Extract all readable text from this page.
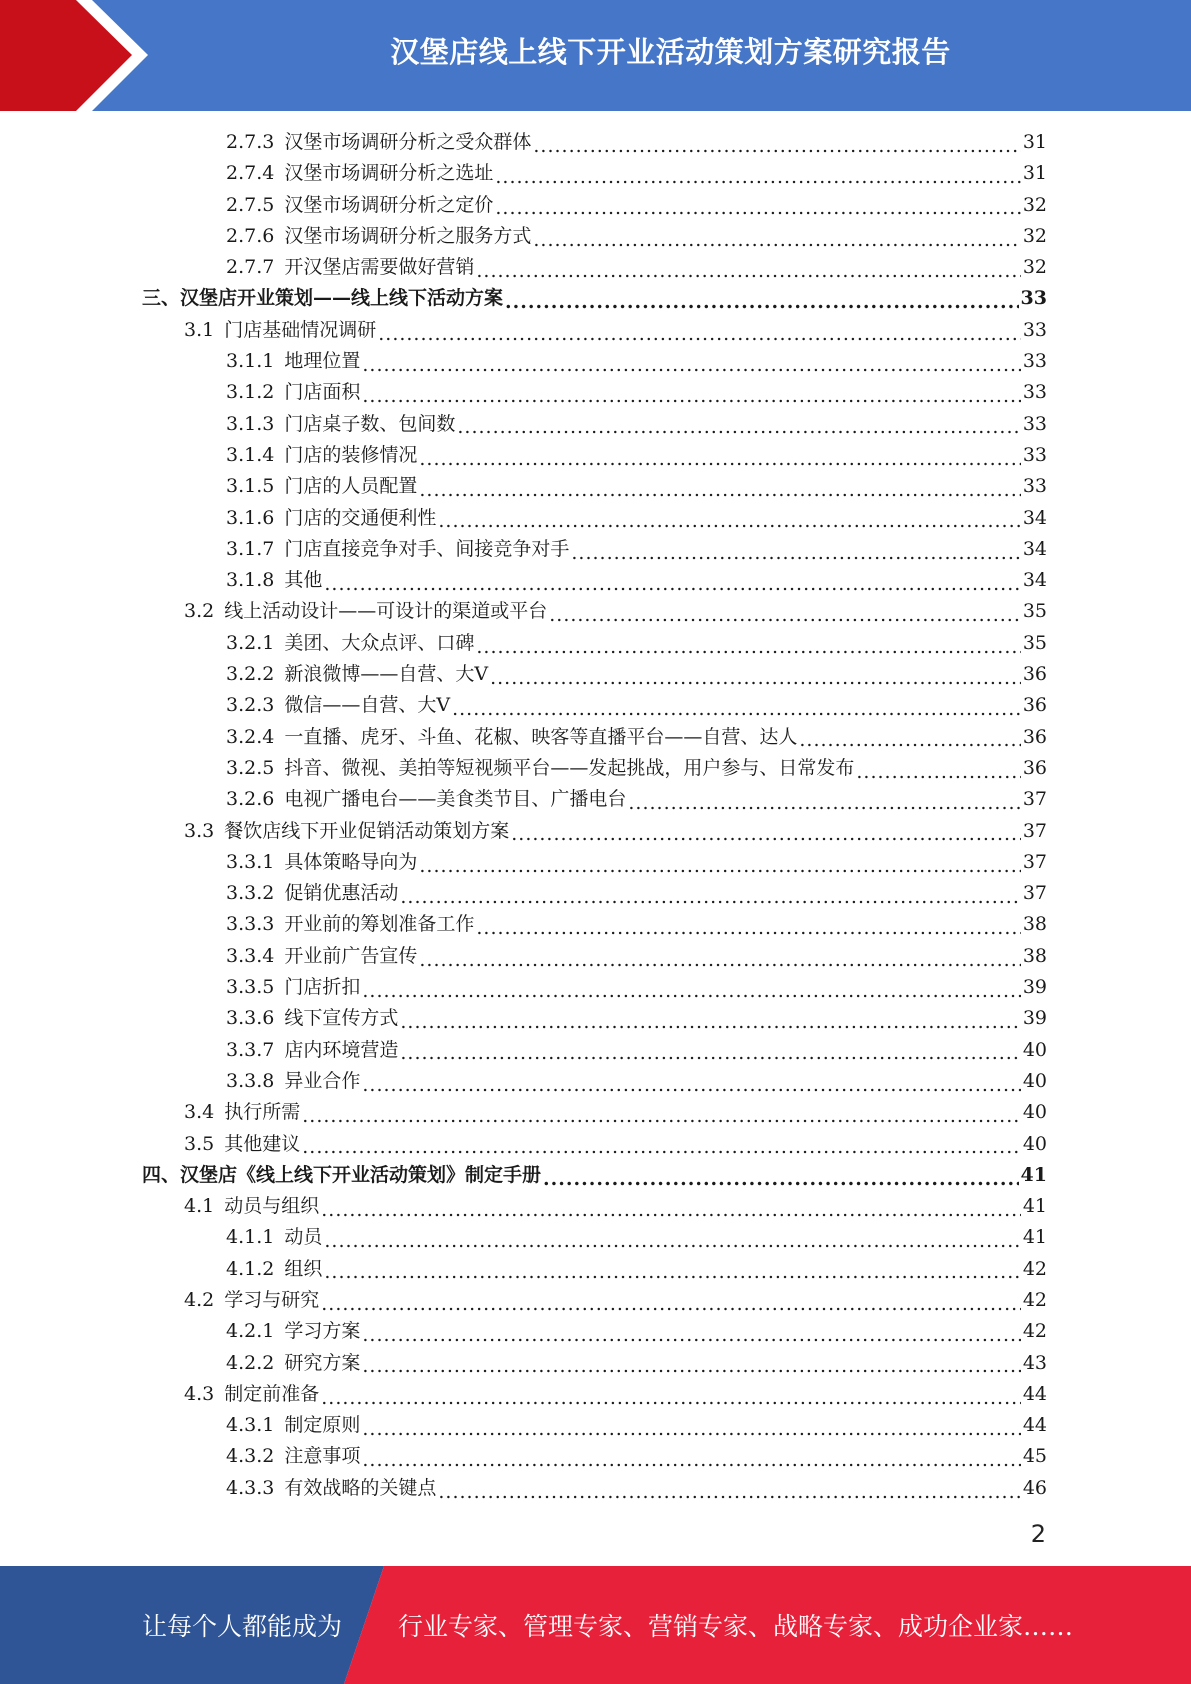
汉堡店线上线下开业活动策划方案研究报告
2.7.3 汉堡市场调研分析之受众群体 .....	31
2.7.4 汉堡市场调研分析之选址 .....	31
2.7.5 汉堡市场调研分析之定价 .....	32
2.7.6 汉堡市场调研分析之服务方式 .....	32
2.7.7 开汉堡店需要做好营销 .....	32
三、 汉堡店开业策划——线上线下活动方案 .....	33
3.1 门店基础情况调研 .....	33
3.1.1 地理位置 .....	33
3.1.2 门店面积 .....	33
3.1.3 门店桌子数、包间数 .....	33
3.1.4 门店的装修情况 .....	33
3.1.5 门店的人员配置 .....	33
3.1.6 门店的交通便利性 .....	34
3.1.7 门店直接竞争对手、间接竞争对手 .....	34
3.1.8 其他 .....	34
3.2 线上活动设计——可设计的渠道或平台 .....	35
3.2.1 美团、大众点评、口碑 .....	35
3.2.2 新浪微博——自营、大V .....	36
3.2.3 微信——自营、大V .....	36
3.2.4 一直播、虎牙、斗鱼、花椒、映客等直播平台——自营、达人 .....	36
3.2.5 抖音、微视、美拍等短视频平台——发起挑战，用户参与、日常发布 .....	36
3.2.6 电视广播电台——美食类节目、广播电台 .....	37
3.3 餐饮店线下开业促销活动策划方案 .....	37
3.3.1 具体策略导向为 .....	37
3.3.2 促销优惠活动 .....	37
3.3.3 开业前的筹划准备工作 .....	38
3.3.4 开业前广告宣传 .....	38
3.3.5 门店折扣 .....	39
3.3.6 线下宣传方式 .....	39
3.3.7 店内环境营造 .....	40
3.3.8 异业合作 .....	40
3.4 执行所需 .....	40
3.5 其他建议 .....	40
四、 汉堡店《线上线下开业活动策划》制定手册 .....	41
4.1 动员与组织 .....	41
4.1.1 动员 .....	41
4.1.2 组织 .....	42
4.2 学习与研究 .....	42
4.2.1 学习方案 .....	42
4.2.2 研究方案 .....	43
4.3 制定前准备 .....	44
4.3.1 制定原则 .....	44
4.3.2 注意事项 .....	45
4.3.3 有效战略的关键点 .....	46
2
让每个人都能成为 行业专家、管理专家、营销专家、战略专家、成功企业家……
